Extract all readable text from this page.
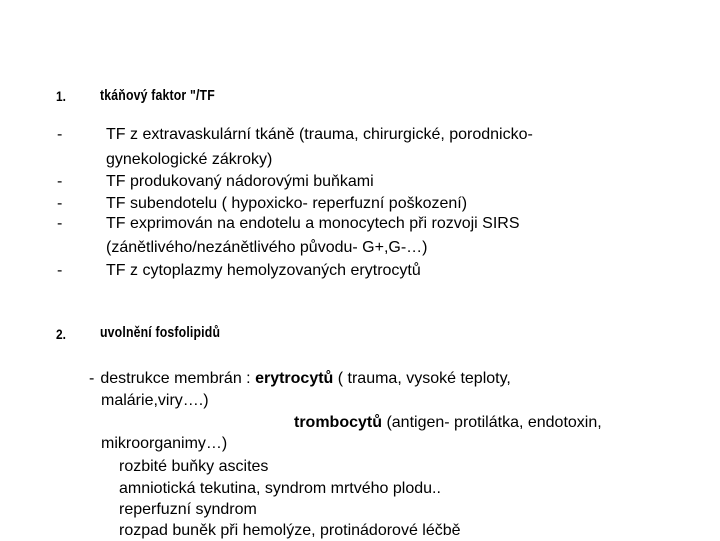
1. tkáňový faktor "/TF
-	TF z extravaskulární tkáně (trauma, chirurgické, porodnicko-
gynekologické zákroky)
-	TF produkovaný nádorovými buňkami
-	TF subendotelu ( hypoxicko- reperfuzní poškození)
-	TF exprimován na endotelu a monocytech při rozvoji SIRS
(zánětlivého/nezánětlivého původu- G+,G-…)
-	TF z cytoplazmy hemolyzovaných erytrocytů
2. uvolnění fosfolipidů
- destrukce membrán : erytrocytů ( trauma, vysoké teploty,
malárie,viry….)
trombocytů (antigen- protilátka, endotoxin,
mikroorganimy…)
rozbité buňky ascites
amniotická tekutina, syndrom mrtvého plodu..
reperfuzní syndrom
rozpad buněk při hemolýze, protinádorové léčbě
